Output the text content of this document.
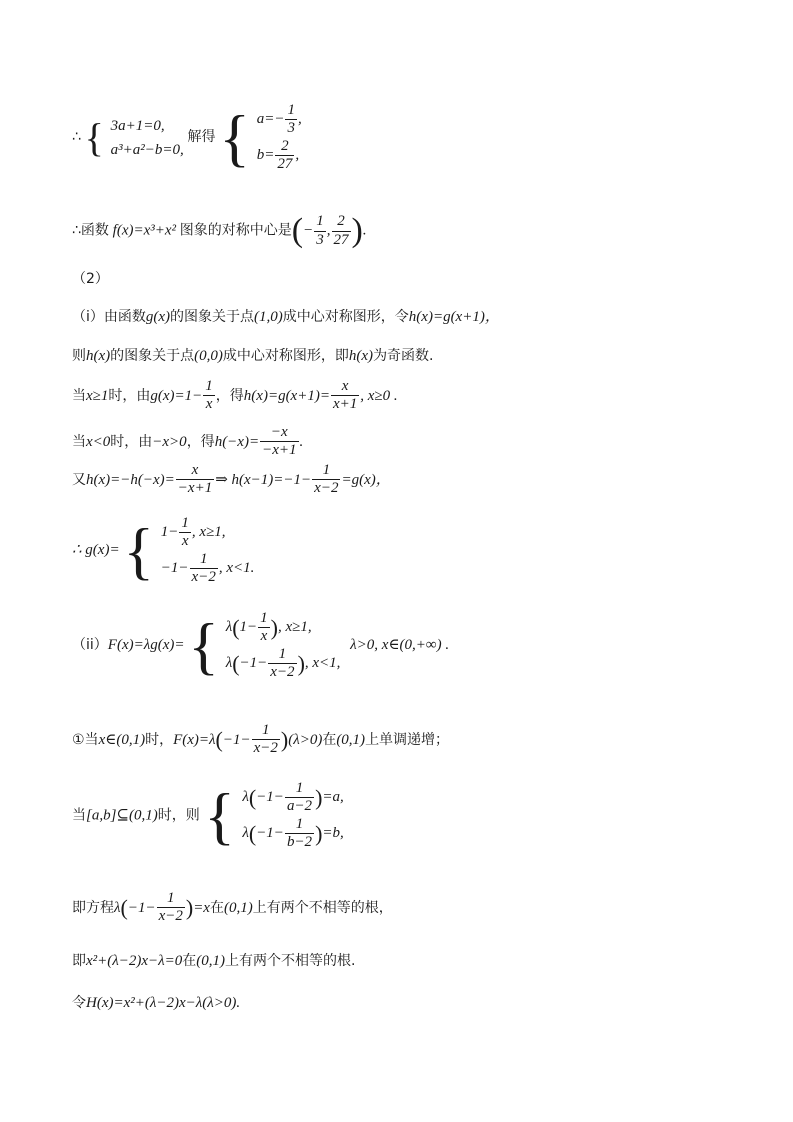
∴ { 3a+1=0,
a³+a²−b=0,
解得 { $a=- \frac{1}{3}$ ,
$b= \frac{2}{27}$ ,
∴函数 f(x)=x³+x² 图象的对称中心是(− $\frac{1}{3}$ , $\frac{2}{27}$ ).
（2）
（i）由函数g(x)的图象关于点(1,0)成中心对称图形，令h(x)=g(x+1)，
则h(x)的图象关于点(0,0)成中心对称图形，即h(x)为奇函数.
当x≥1时，由$g(x)=1- \frac{1}{x}$ ，得$h(x)=g(x+1)= \frac{x}{x+1}$ , x≥0 .
当x<0时，由−x>0，得$h(-x)= \frac{-x}{-x+1}$ .
又$h(x)=-h(-x)= \frac{x}{-x+1}$ ⇒ $h(x-1)=-1- \frac{1}{x-2} =g(x)$，
∴ g(x)= { $1- \frac{1}{x}$ , x≥1,
$-1- \frac{1}{x-2}$ , x<1.
（ii）F(x)=λg(x)= { $\lambda(1- \frac{1}{x}$ ), x≥1,
$\lambda(-1- \frac{1}{x-2}$ ), x<1,
λ>0, x∈(0,+∞) .
①当x∈(0,1)时，$F(x)=\lambda(-1- \frac{1}{x-2} )(\lambda>0)$在(0,1)上单调递增；
当[a,b]⊆(0,1)时，则 { $\lambda(-1- \frac{1}{a-2} )=a$,
$\lambda(-1- \frac{1}{b-2} )=b$,
即方程$\lambda(-1- \frac{1}{x-2} )=x$在(0,1)上有两个不相等的根，
即x²+(λ−2)x−λ=0在(0,1)上有两个不相等的根.
令H(x)=x²+(λ−2)x−λ(λ>0).
